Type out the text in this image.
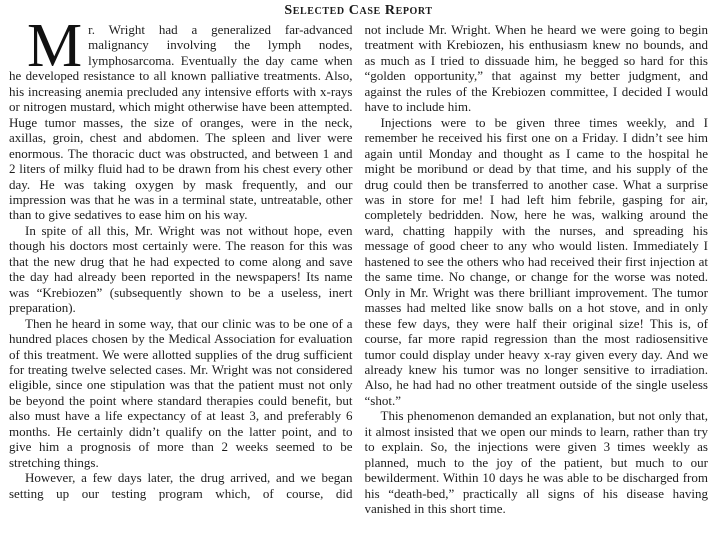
Selected Case Report

Mr. Wright had a generalized far-advanced malignancy involving the lymph nodes, lymphosarcoma. Eventually the day came when he developed resistance to all known palliative treatments. Also, his increasing anemia precluded any intensive efforts with x-rays or nitrogen mustard, which might otherwise have been attempted. Huge tumor masses, the size of oranges, were in the neck, axillas, groin, chest and abdomen. The spleen and liver were enormous. The thoracic duct was obstructed, and between 1 and 2 liters of milky fluid had to be drawn from his chest every other day. He was taking oxygen by mask frequently, and our impression was that he was in a terminal state, untreatable, other than to give sedatives to ease him on his way.

In spite of all this, Mr. Wright was not without hope, even though his doctors most certainly were. The reason for this was that the new drug that he had expected to come along and save the day had already been reported in the newspapers! Its name was “Krebiozen” (subsequently shown to be a useless, inert preparation).

Then he heard in some way, that our clinic was to be one of a hundred places chosen by the Medical Association for evaluation of this treatment. We were allotted supplies of the drug sufficient for treating twelve selected cases. Mr. Wright was not considered eligible, since one stipulation was that the patient must not only be beyond the point where standard therapies could benefit, but also must have a life expectancy of at least 3, and preferably 6 months. He certainly didn’t qualify on the latter point, and to give him a prognosis of more than 2 weeks seemed to be stretching things.

However, a few days later, the drug arrived, and we began setting up our testing program which, of course, did

not include Mr. Wright. When he heard we were going to begin treatment with Krebiozen, his enthusiasm knew no bounds, and as much as I tried to dissuade him, he begged so hard for this “golden opportunity,” that against my better judgment, and against the rules of the Krebiozen committee, I decided I would have to include him.

Injections were to be given three times weekly, and I remember he received his first one on a Friday. I didn’t see him again until Monday and thought as I came to the hospital he might be moribund or dead by that time, and his supply of the drug could then be transferred to another case. What a surprise was in store for me! I had left him febrile, gasping for air, completely bedridden. Now, here he was, walking around the ward, chatting happily with the nurses, and spreading his message of good cheer to any who would listen. Immediately I hastened to see the others who had received their first injection at the same time. No change, or change for the worse was noted. Only in Mr. Wright was there brilliant improvement. The tumor masses had melted like snow balls on a hot stove, and in only these few days, they were half their original size! This is, of course, far more rapid regression than the most radiosensitive tumor could display under heavy x-ray given every day. And we already knew his tumor was no longer sensitive to irradiation. Also, he had had no other treatment outside of the single useless “shot.”

This phenomenon demanded an explanation, but not only that, it almost insisted that we open our minds to learn, rather than try to explain. So, the injections were given 3 times weekly as planned, much to the joy of the patient, but much to our bewilderment. Within 10 days he was able to be discharged from his “death-bed,” practically all signs of his disease having vanished in this short time.
